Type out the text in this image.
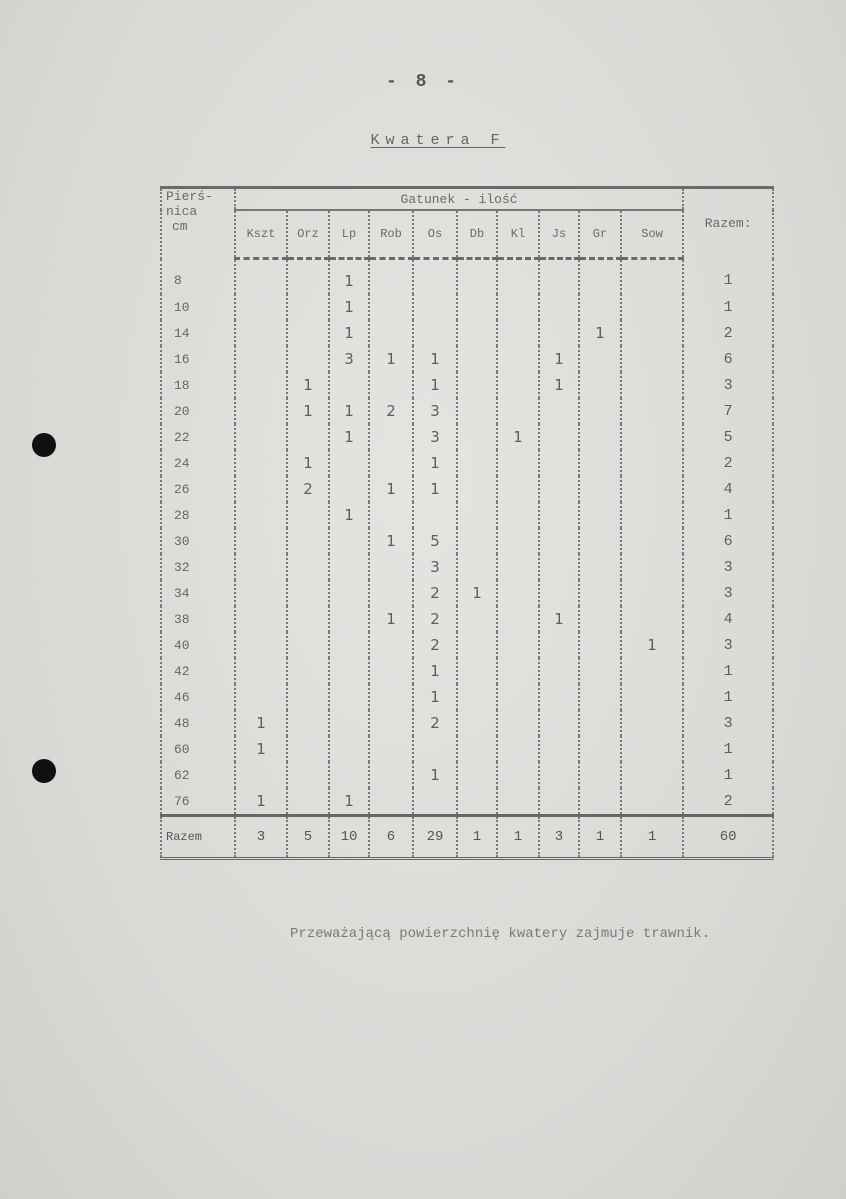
- 8 -
Kwatera F
Pierś-
nica
cm	Gatunek - ilość										Razem:
	Kszt	Orz	Lp	Rob	Os	Db	Kl	Js	Gr	Sow	
8			1								1
10			1								1
14			1						1		2
16			3	1	1			1			6
18		1			1			1			3
20		1	1	2	3						7
22			1		3		1				5
24		1			1						2
26		2		1	1						4
28			1								1
30				1	5						6
32					3						3
34					2	1					3
38				1	2			1			4
40					2					1	3
42					1						1
46					1						1
48	1				2						3
60	1										1
62					1						1
76	1		1								2
Razem	3	5	10	6	29	1	1	3	1	1	60
Przeważającą powierzchnię kwatery zajmuje trawnik.
